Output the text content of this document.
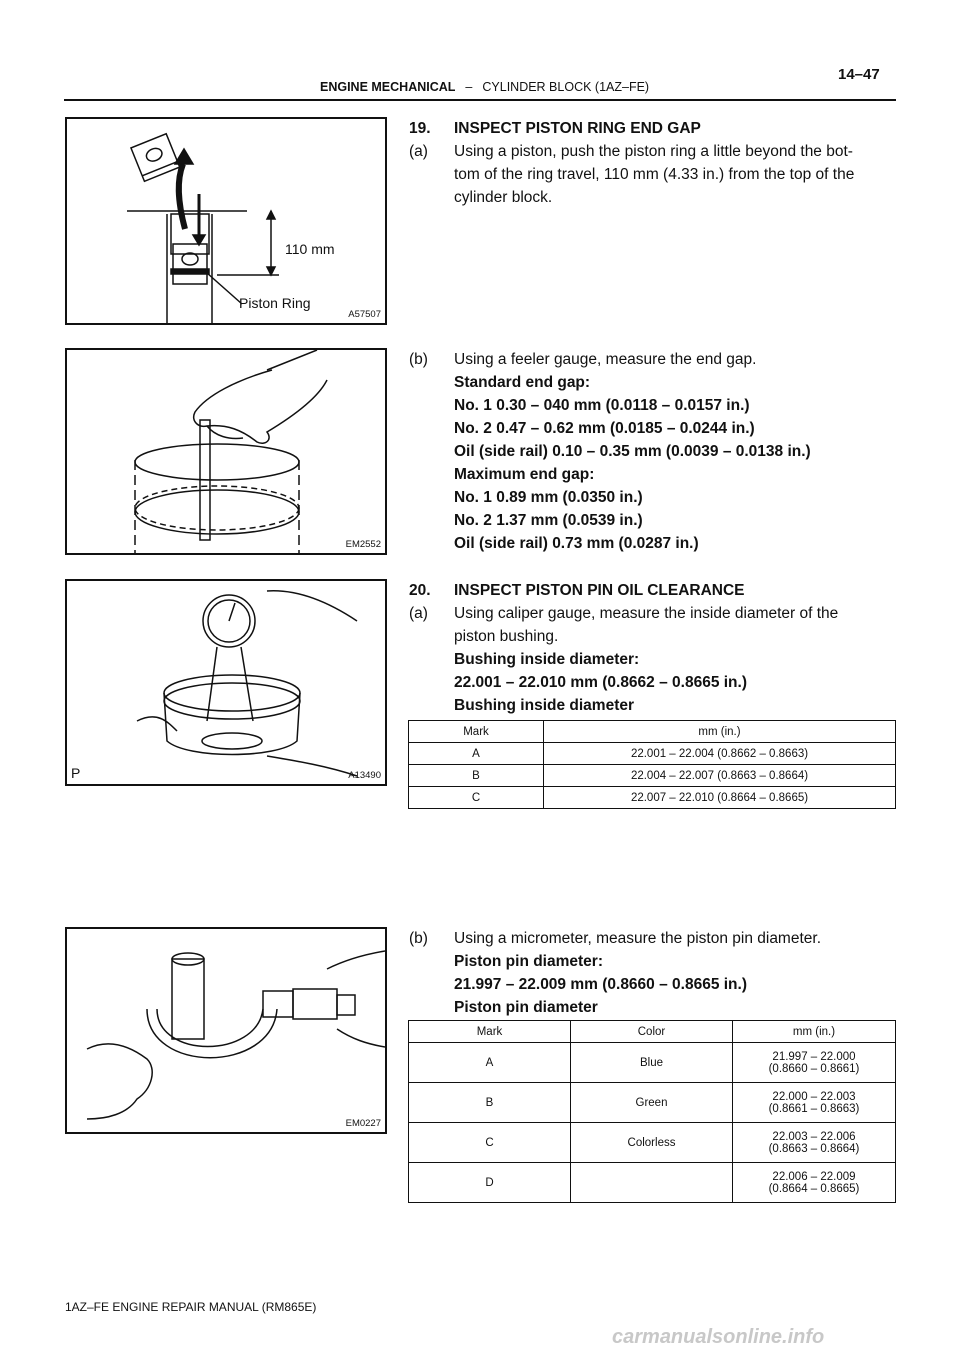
ENGINE MECHANICAL – CYLINDER BLOCK (1AZ–FE)
14–47
110 mm
Piston Ring
A57507
EM2552
P	A13490
EM0227
19. INSPECT PISTON RING END GAP
(a) Using a piston, push the piston ring a little beyond the bot-
tom of the ring travel, 110 mm (4.33 in.) from the top of the
cylinder block.
(b) Using a feeler gauge, measure the end gap.
Standard end gap:
No. 1 0.30 – 040 mm (0.0118 – 0.0157 in.)
No. 2 0.47 – 0.62 mm (0.0185 – 0.0244 in.)
Oil (side rail) 0.10 – 0.35 mm (0.0039 – 0.0138 in.)
Maximum end gap:
No. 1 0.89 mm (0.0350 in.)
No. 2 1.37 mm (0.0539 in.)
Oil (side rail) 0.73 mm (0.0287 in.)
20. INSPECT PISTON PIN OIL CLEARANCE
(a) Using caliper gauge, measure the inside diameter of the
piston bushing.
Bushing inside diameter:
22.001 – 22.010 mm (0.8662 – 0.8665 in.)
Bushing inside diameter
Mark	mm (in.)
A	22.001 – 22.004 (0.8662 – 0.8663)
B	22.004 – 22.007 (0.8663 – 0.8664)
C	22.007 – 22.010 (0.8664 – 0.8665)
(b) Using a micrometer, measure the piston pin diameter.
Piston pin diameter:
21.997 – 22.009 mm (0.8660 – 0.8665 in.)
Piston pin diameter
Mark	Color	mm (in.)
A	Blue	21.997 – 22.000
(0.8660 – 0.8661)

B	Green	22.000 – 22.003
(0.8661 – 0.8663)

C	Colorless	22.003 – 22.006
(0.8663 – 0.8664)

D		22.006 – 22.009
(0.8664 – 0.8665)
1AZ–FE ENGINE REPAIR MANUAL (RM865E)
carmanualsonline.info
